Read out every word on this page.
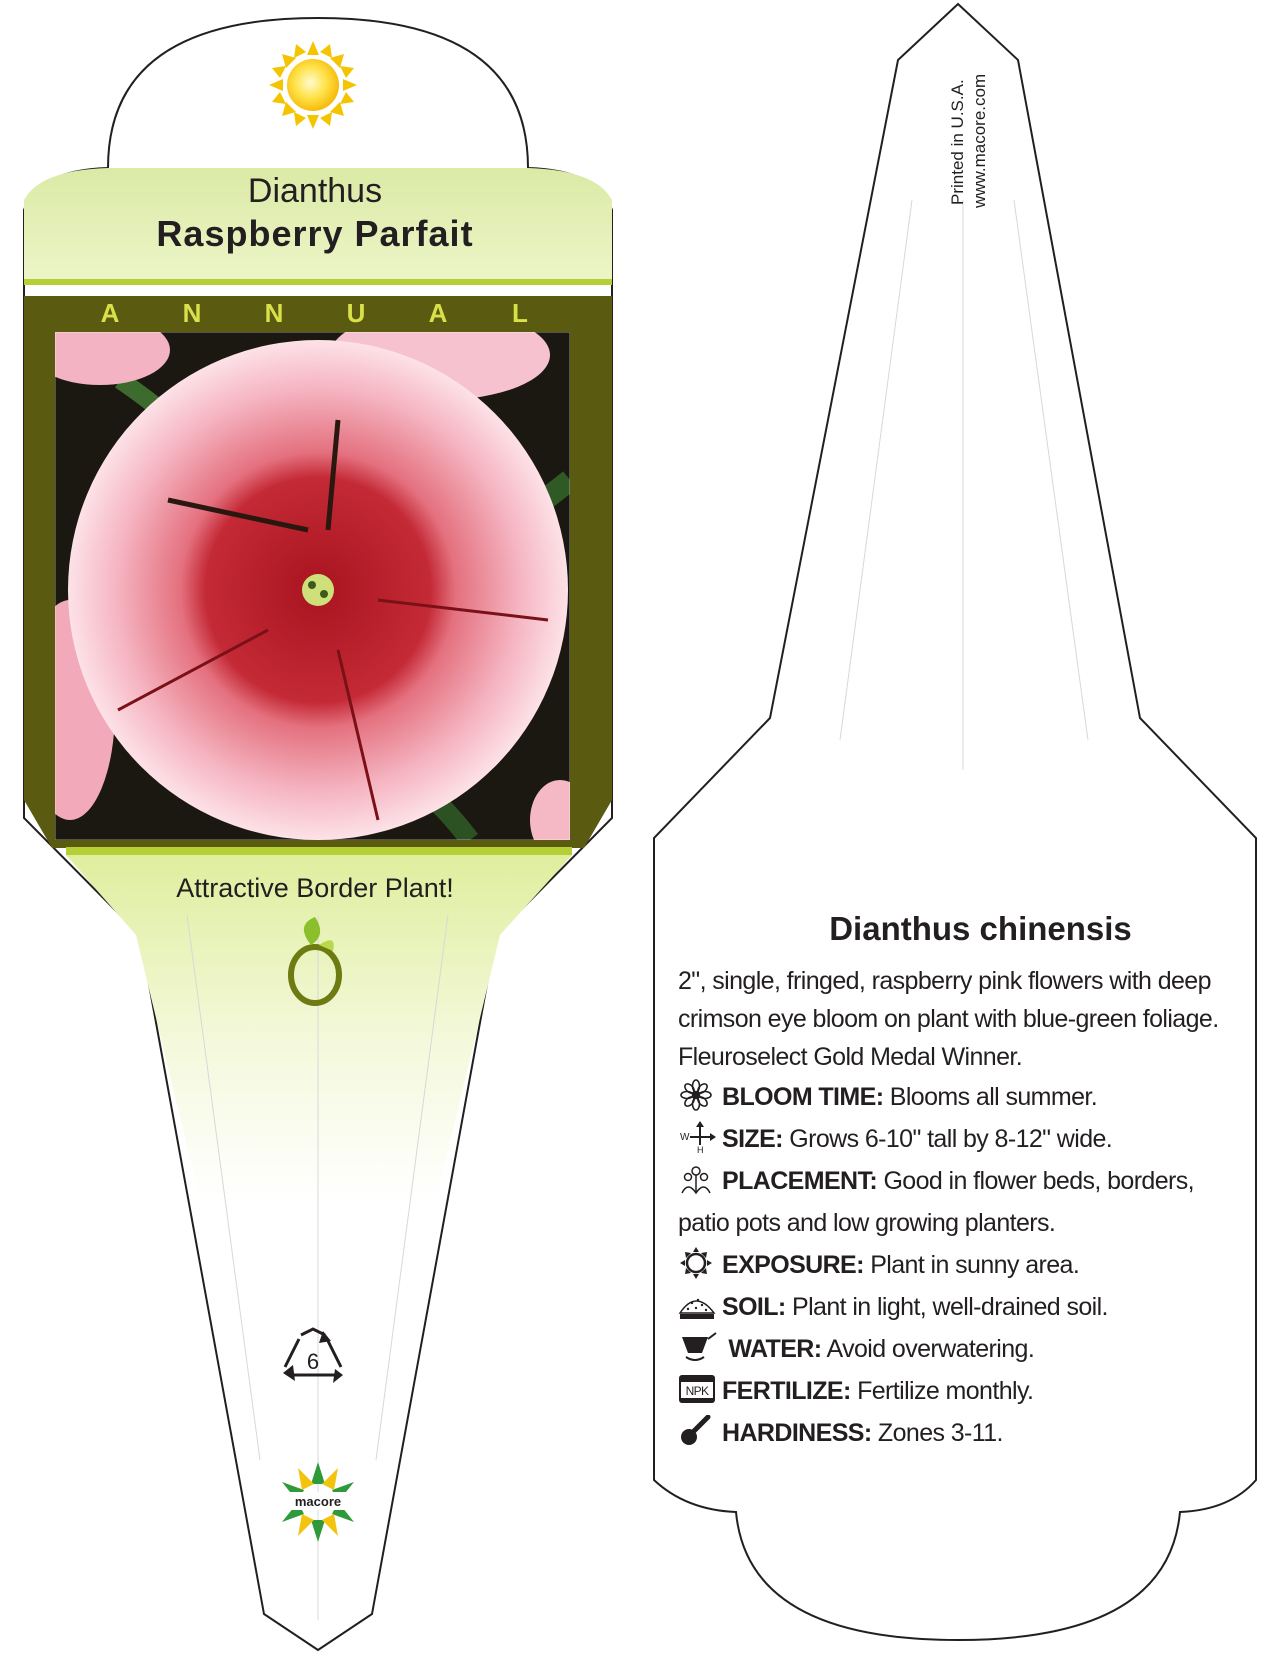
macore
6
Dianthus
Raspberry Parfait
A N N U A L
Attractive Border Plant!
Printed in U.S.A. www.macore.com
Dianthus chinensis
2", single, fringed, raspberry pink flowers with deep crimson eye bloom on plant with blue-green foliage. Fleuroselect Gold Medal Winner.
BLOOM TIME: Blooms all summer.
W
H SIZE: Grows 6-10" tall by 8-12" wide.
PLACEMENT: Good in flower beds, borders, patio pots and low growing planters.
EXPOSURE: Plant in sunny area.
SOIL: Plant in light, well-drained soil.
WATER: Avoid overwatering.
NPK FERTILIZE: Fertilize monthly.
HARDINESS: Zones 3-11.
